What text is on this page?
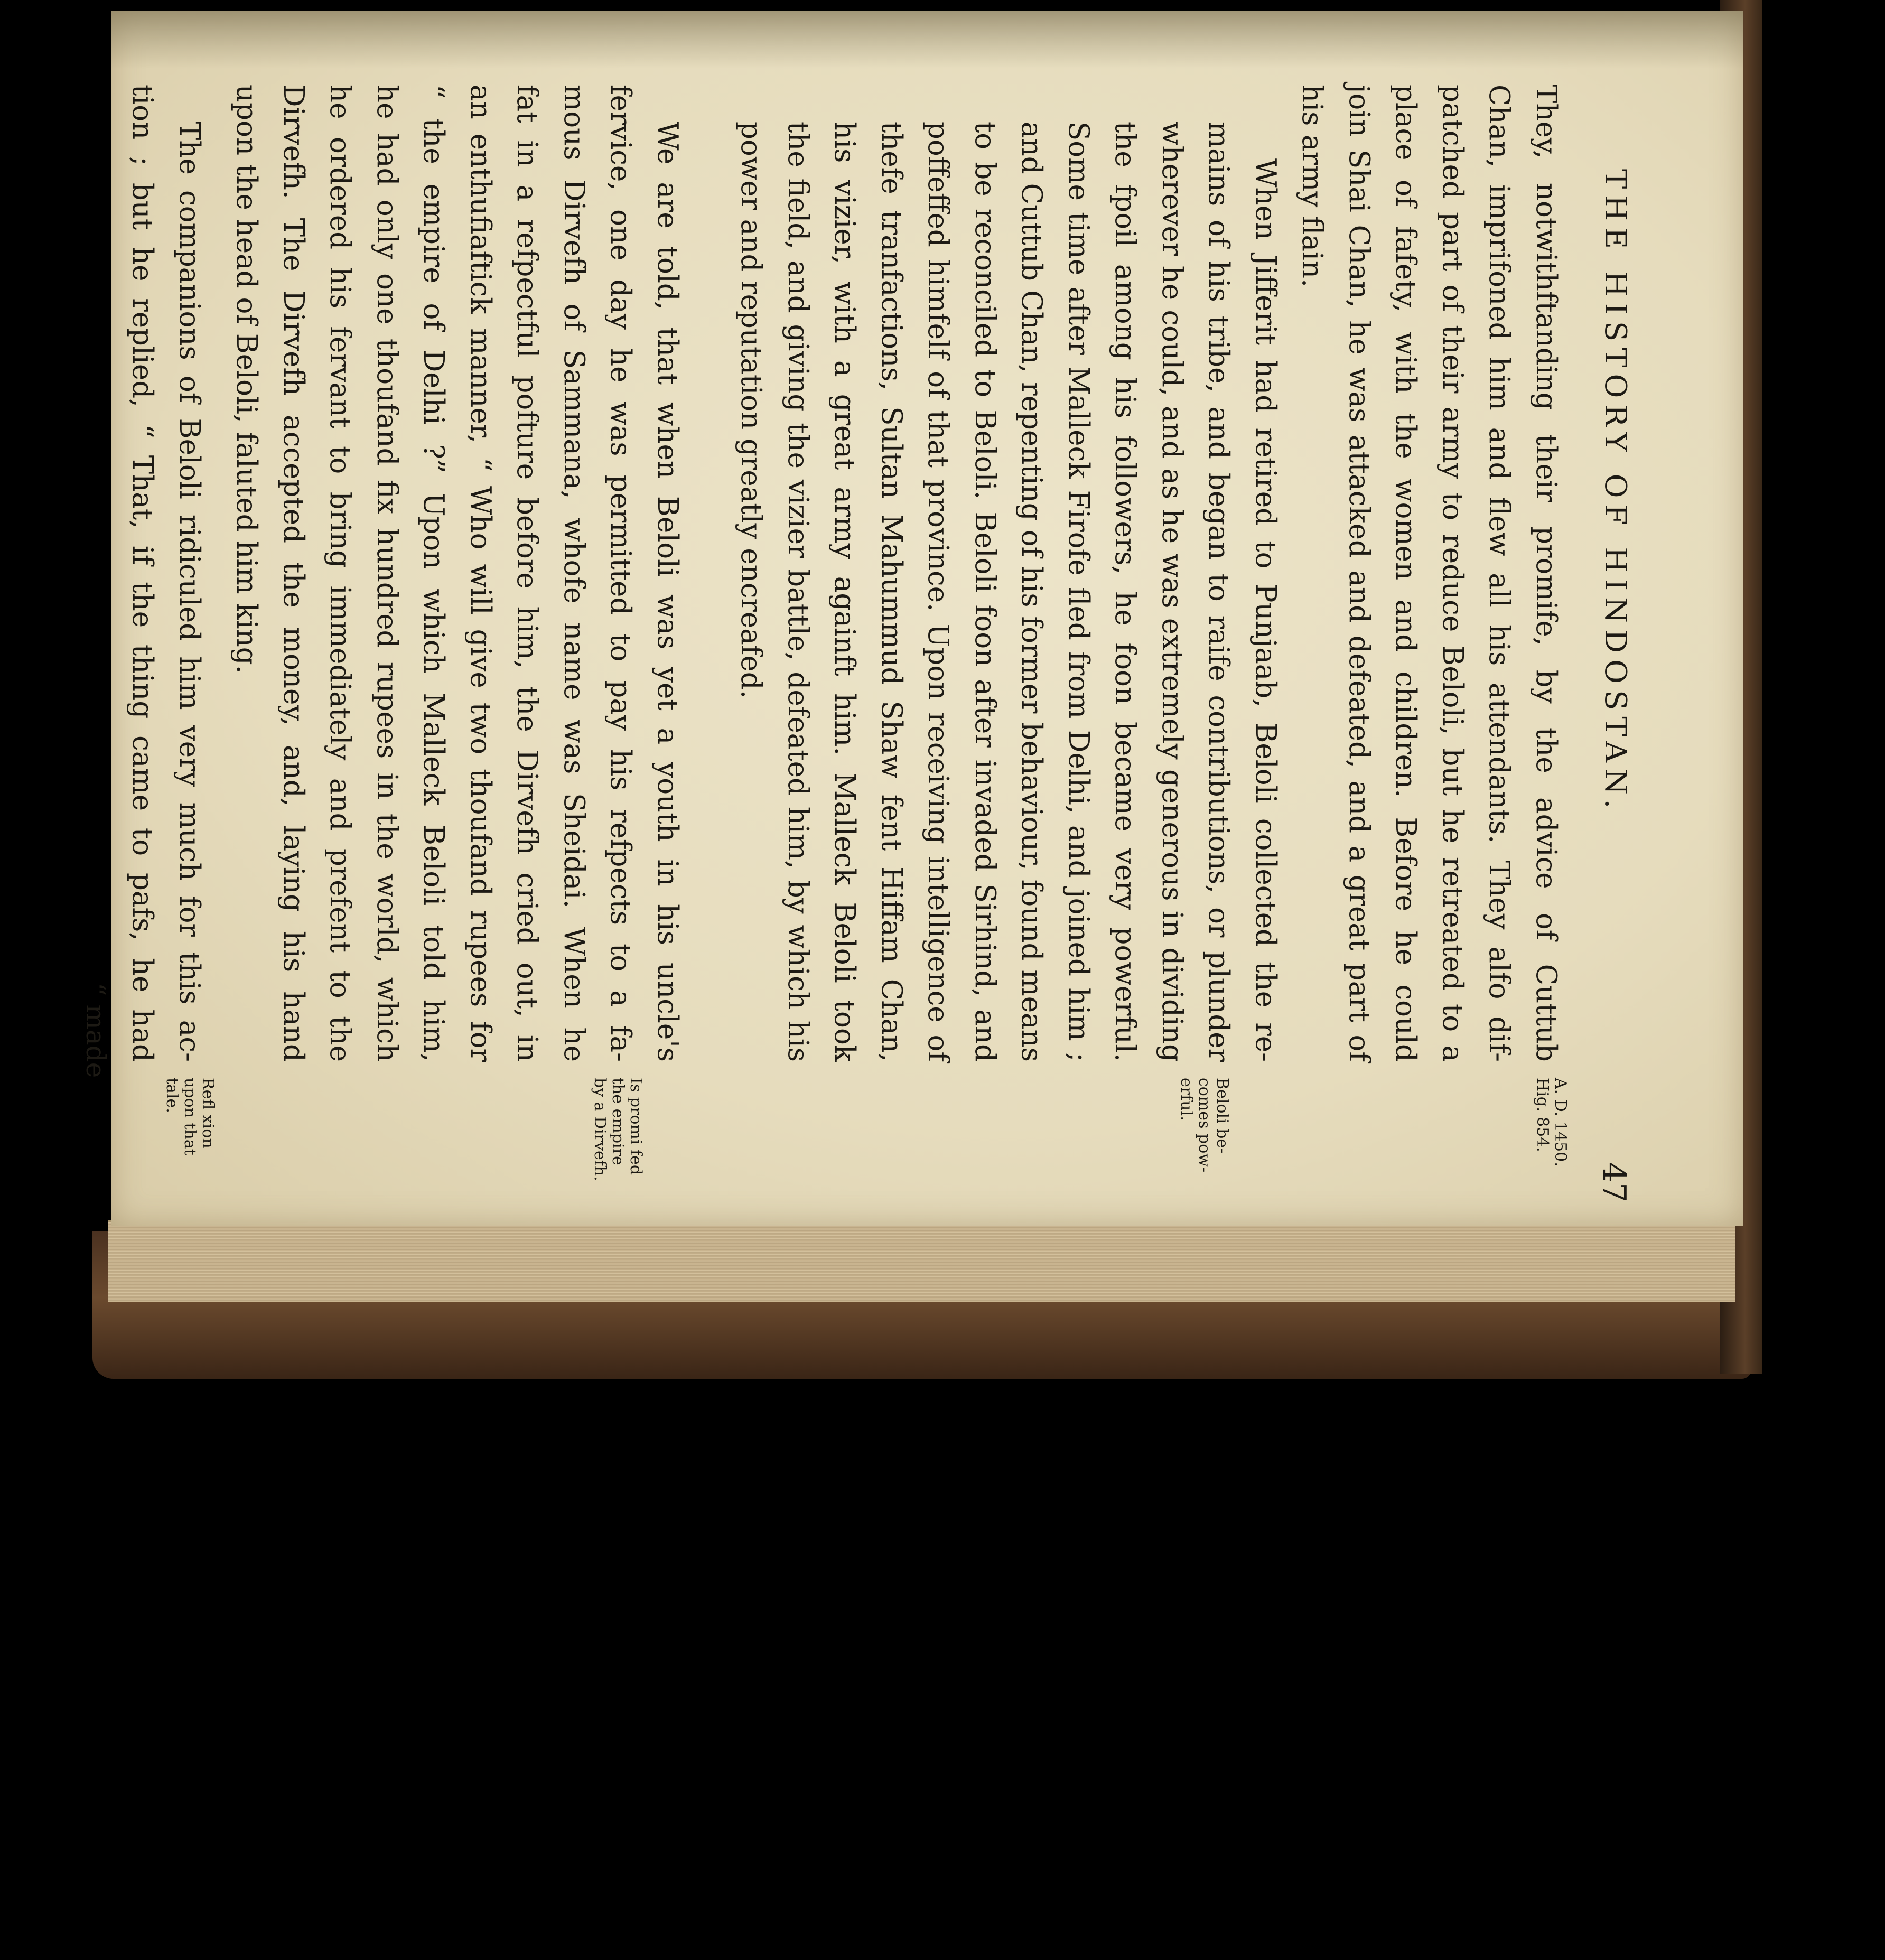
THE HISTORY OF HINDOSTAN.
47

They, notwithftanding their promife, by the advice of Cuttub
Chan, imprifoned him and flew all his attendants. They alfo dif-
patched part of their army to reduce Beloli, but he retreated to a
place of fafety, with the women and children. Before he could
join Shai Chan, he was attacked and defeated, and a great part of
his army flain.

When Jifferit had retired to Punjaab, Beloli collected the re-
mains of his tribe, and began to raife contributions, or plunder
wherever he could, and as he was extremely generous in dividing
the fpoil among his followers, he foon became very powerful.
Some time after Malleck Firofe fled from Delhi, and joined him ;
and Cuttub Chan, repenting of his former behaviour, found means
to be reconciled to Beloli. Beloli foon after invaded Sirhind, and
poffeffed himfelf of that province. Upon receiving intelligence of
thefe tranfactions, Sultan Mahummud Shaw fent Hiffam Chan,
his vizier, with a great army againft him. Malleck Beloli took
the field, and giving the vizier battle, defeated him, by which his
power and reputation greatly encreafed.

We are told, that when Beloli was yet a youth in his uncle's
fervice, one day he was permitted to pay his refpects to a fa-
mous Dirvefh of Sammana, whofe name was Sheidai. When he
fat in a refpectful pofture before him, the Dirvefh cried out, in
an enthufiaftick manner, “ Who will give two thoufand rupees for
“ the empire of Delhi ?” Upon which Malleck Beloli told him,
he had only one thoufand fix hundred rupees in the world, which
he ordered his fervant to bring immediately and prefent to the
Dirvefh. The Dirvefh accepted the money, and, laying his hand
upon the head of Beloli, faluted him king.

The companions of Beloli ridiculed him very much for this ac-
tion ; but he replied, “ That, if the thing came to pafs, he had

“ made
A. D. 1450.
Hig. 854.
Beloli be-
comes pow-
erful.
Is promi fed
the empire
by a Dirvefh.
Refl xion
upon that
tale.
